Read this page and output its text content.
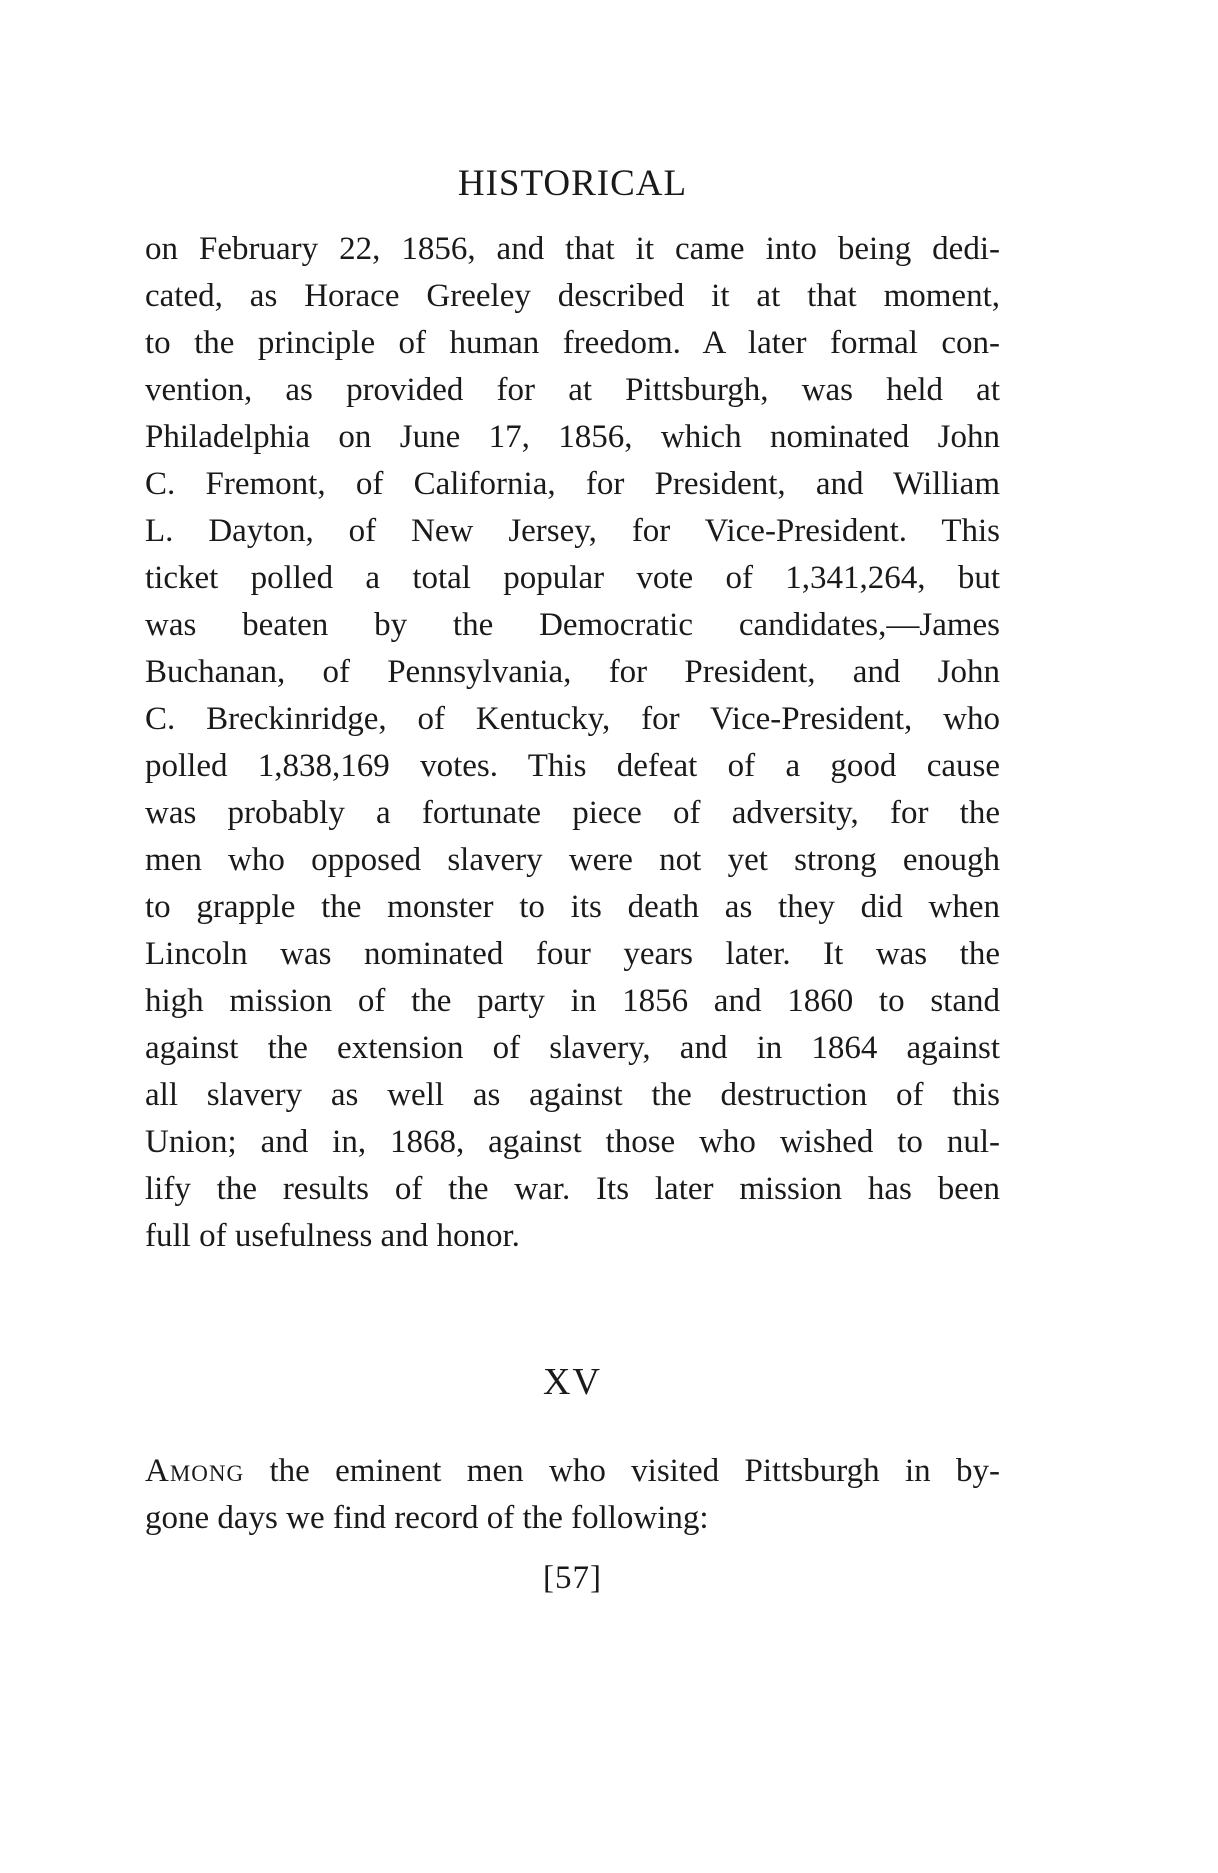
HISTORICAL
on February 22, 1856, and that it came into being dedi-
cated, as Horace Greeley described it at that moment,
to the principle of human freedom. A later formal con-
vention, as provided for at Pittsburgh, was held at
Philadelphia on June 17, 1856, which nominated John
C. Fremont, of California, for President, and William
L. Dayton, of New Jersey, for Vice-President. This
ticket polled a total popular vote of 1,341,264, but
was beaten by the Democratic candidates,—James
Buchanan, of Pennsylvania, for President, and John
C. Breckinridge, of Kentucky, for Vice-President, who
polled 1,838,169 votes. This defeat of a good cause
was probably a fortunate piece of adversity, for the
men who opposed slavery were not yet strong enough
to grapple the monster to its death as they did when
Lincoln was nominated four years later. It was the
high mission of the party in 1856 and 1860 to stand
against the extension of slavery, and in 1864 against
all slavery as well as against the destruction of this
Union; and in, 1868, against those who wished to nul-
lify the results of the war. Its later mission has been
full of usefulness and honor.
XV
Among the eminent men who visited Pittsburgh in by-
gone days we find record of the following:
[57]
